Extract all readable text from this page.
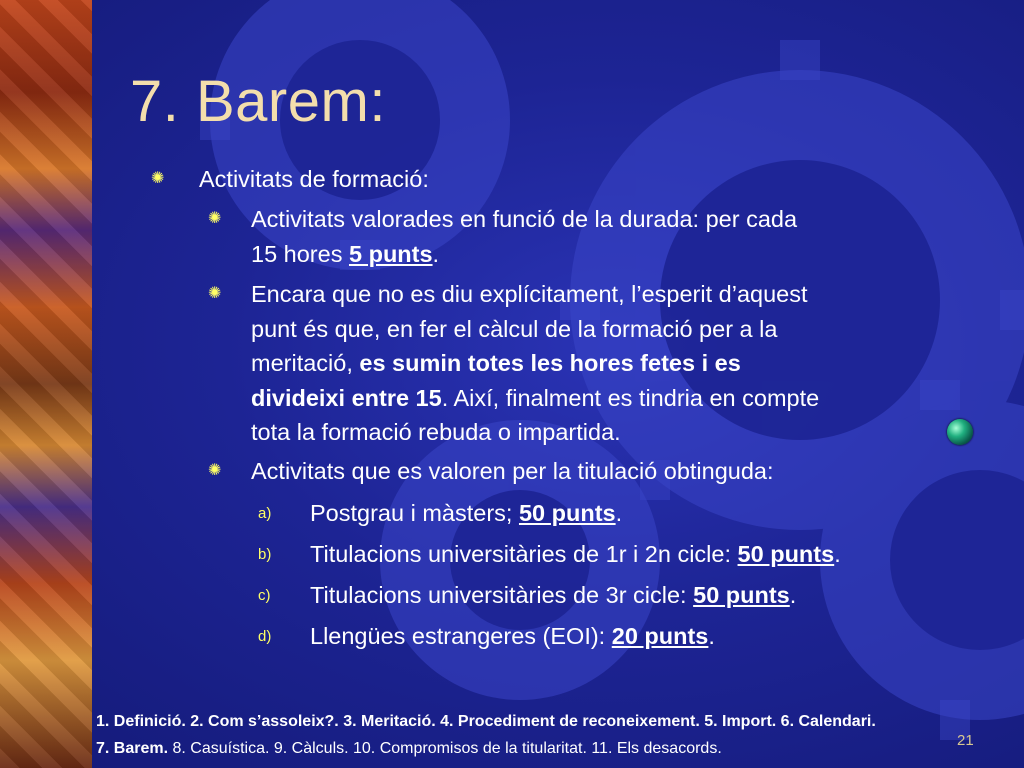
7. Barem:
✺	Activitats de formació:
✺	Activitats valorades en funció de la durada: per cada
15 hores 5 punts.
✺	Encara que no es diu explícitament, l’esperit d’aquest
punt és que, en fer el càlcul de la formació per a la
meritació, es sumin totes les hores fetes i es
divideixi entre 15. Així, finalment es tindria en compte
tota la formació rebuda o impartida.
✺	Activitats que es valoren per la titulació obtinguda:
a)	Postgrau i màsters; 50 punts.
b)	Titulacions universitàries de 1r i 2n cicle: 50 punts.
c)	Titulacions universitàries de 3r cicle: 50 punts.
d)	Llengües estrangeres (EOI): 20 punts.
1. Definició. 2. Com s’assoleix?. 3. Meritació. 4. Procediment de reconeixement. 5. Import. 6. Calendari.
7. Barem. 8. Casuística. 9. Càlculs. 10. Compromisos de la titularitat. 11. Els desacords.	21
